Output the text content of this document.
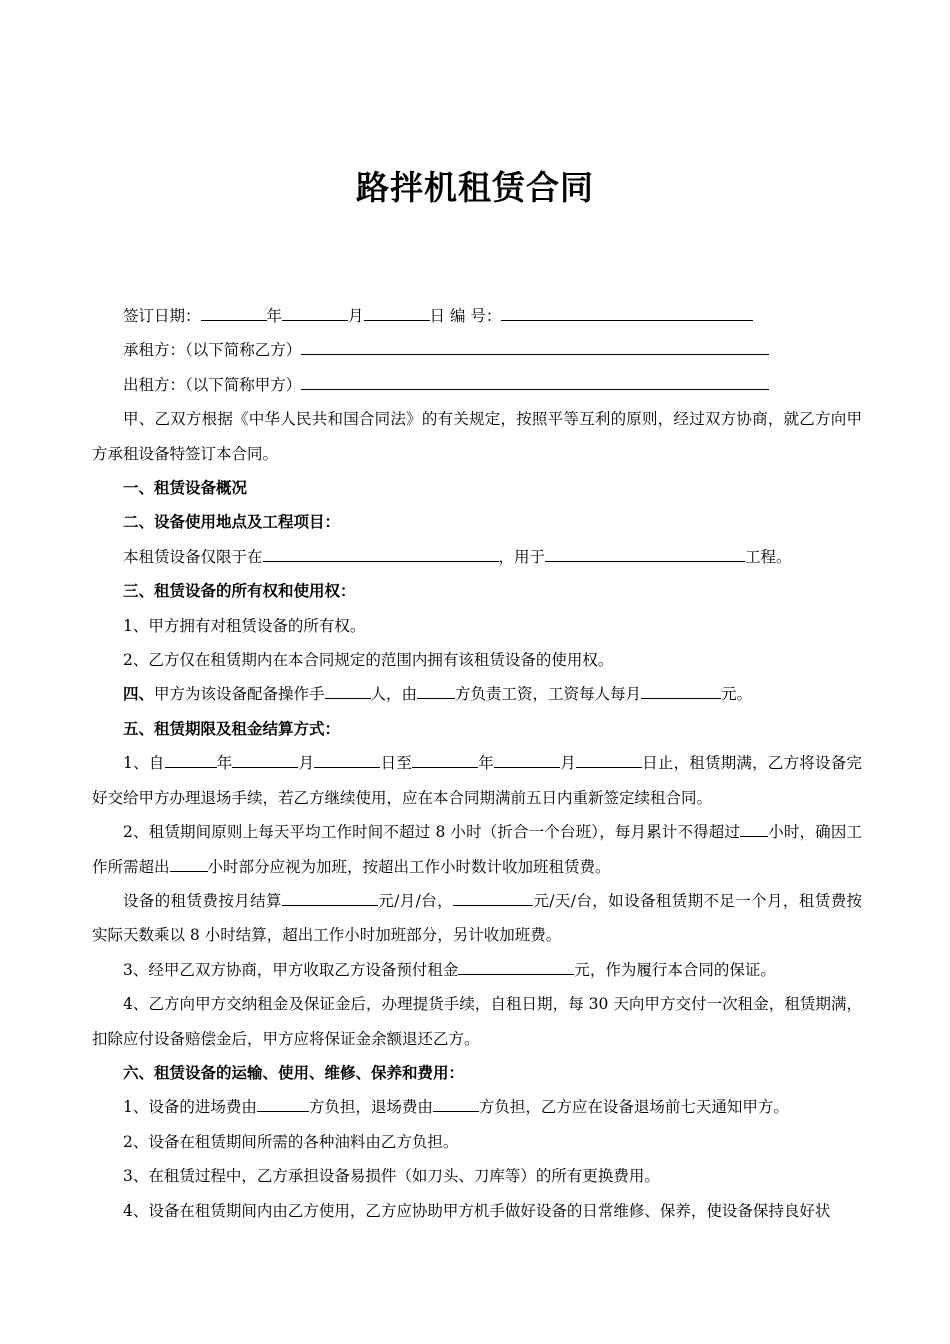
路拌机租赁合同

签订日期：	年	月	日 编 号：

承租方：（以下简称乙方）

出租方：（以下简称甲方）

甲、乙双方根据《中华人民共和国合同法》的有关规定，按照平等互利的原则，经过双方协商，就乙方向甲方承租设备特签订本合同。

一、租赁设备概况

二、设备使用地点及工程项目：

本租赁设备仅限于在	，用于	工程。

三、租赁设备的所有权和使用权：

1、甲方拥有对租赁设备的所有权。

2、乙方仅在租赁期内在本合同规定的范围内拥有该租赁设备的使用权。

四、甲方为该设备配备操作手	人，由 方负责工资，工资每人每月	元。

五、租赁期限及租金结算方式：

1、自	年	月	日至	年	月	日止，租赁期满，乙方将设备完好交给甲方办理退场手续，若乙方继续使用，应在本合同期满前五日内重新签定续租合同。

2、租赁期间原则上每天平均工作时间不超过 8 小时（折合一个台班），每月累计不得超过 小时，确因工作所需超出 小时部分应视为加班，按超出工作小时数计收加班租赁费。

设备的租赁费按月结算	元/月/台，	元/天/台，如设备租赁期不足一个月，租赁费按实际天数乘以 8 小时结算，超出工作小时加班部分，另计收加班费。

3、经甲乙双方协商，甲方收取乙方设备预付租金	元，作为履行本合同的保证。

4、乙方向甲方交纳租金及保证金后，办理提货手续，自租日期，每 30 天向甲方交付一次租金，租赁期满，扣除应付设备赔偿金后，甲方应将保证金余额退还乙方。

六、租赁设备的运输、使用、维修、保养和费用：

1、设备的进场费由	方负担，退场费由	方负担，乙方应在设备退场前七天通知甲方。

2、设备在租赁期间所需的各种油料由乙方负担。

3、在租赁过程中，乙方承担设备易损件（如刀头、刀库等）的所有更换费用。

4、设备在租赁期间内由乙方使用，乙方应协助甲方机手做好设备的日常维修、保养，使设备保持良好状
